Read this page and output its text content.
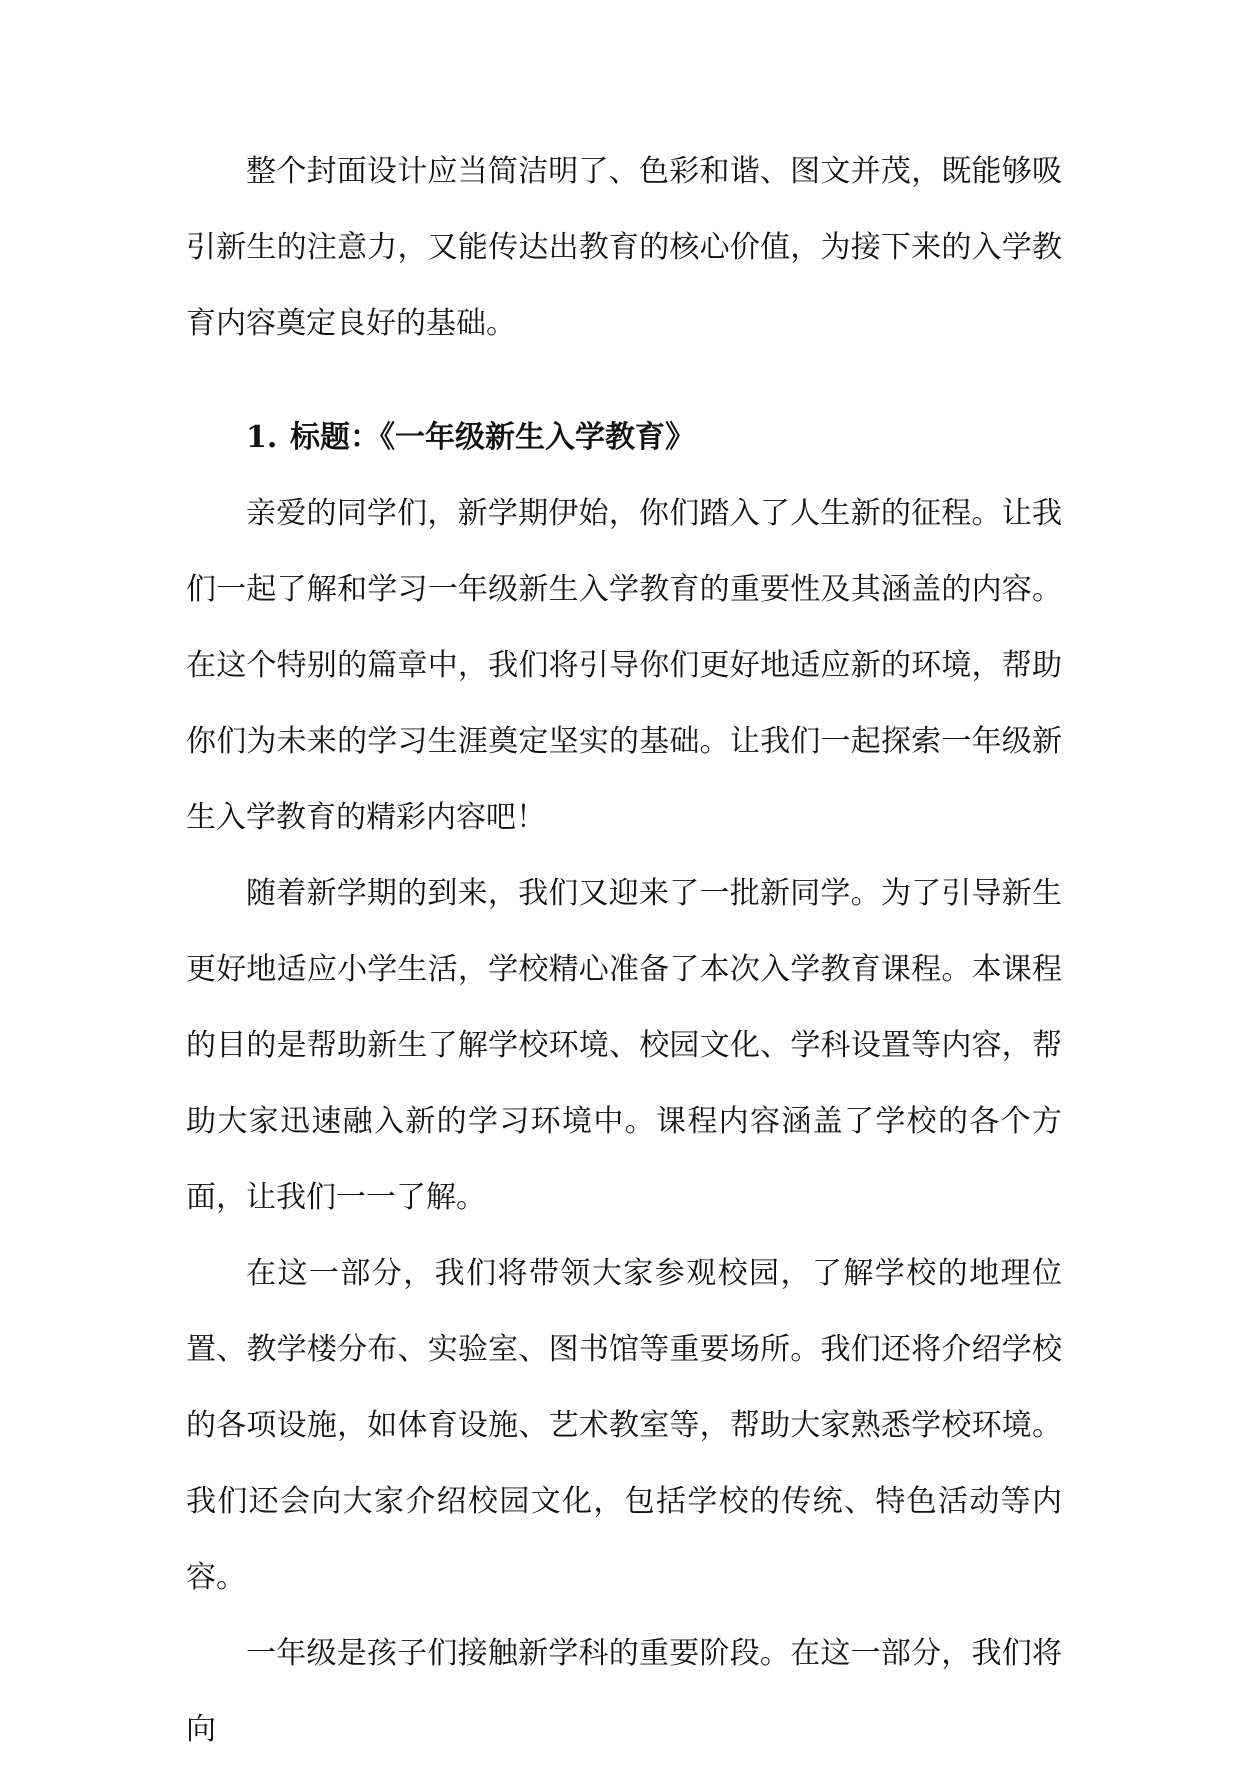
整个封面设计应当简洁明了、色彩和谐、图文并茂，既能够吸引新生的注意力，又能传达出教育的核心价值，为接下来的入学教育内容奠定良好的基础。

1. 标题：《一年级新生入学教育》

亲爱的同学们，新学期伊始，你们踏入了人生新的征程。让我们一起了解和学习一年级新生入学教育的重要性及其涵盖的内容。在这个特别的篇章中，我们将引导你们更好地适应新的环境，帮助你们为未来的学习生涯奠定坚实的基础。让我们一起探索一年级新生入学教育的精彩内容吧！

随着新学期的到来，我们又迎来了一批新同学。为了引导新生更好地适应小学生活，学校精心准备了本次入学教育课程。本课程的目的是帮助新生了解学校环境、校园文化、学科设置等内容，帮助大家迅速融入新的学习环境中。课程内容涵盖了学校的各个方面，让我们一一了解。

在这一部分，我们将带领大家参观校园，了解学校的地理位置、教学楼分布、实验室、图书馆等重要场所。我们还将介绍学校的各项设施，如体育设施、艺术教室等，帮助大家熟悉学校环境。我们还会向大家介绍校园文化，包括学校的传统、特色活动等内容。

一年级是孩子们接触新学科的重要阶段。在这一部分，我们将向
